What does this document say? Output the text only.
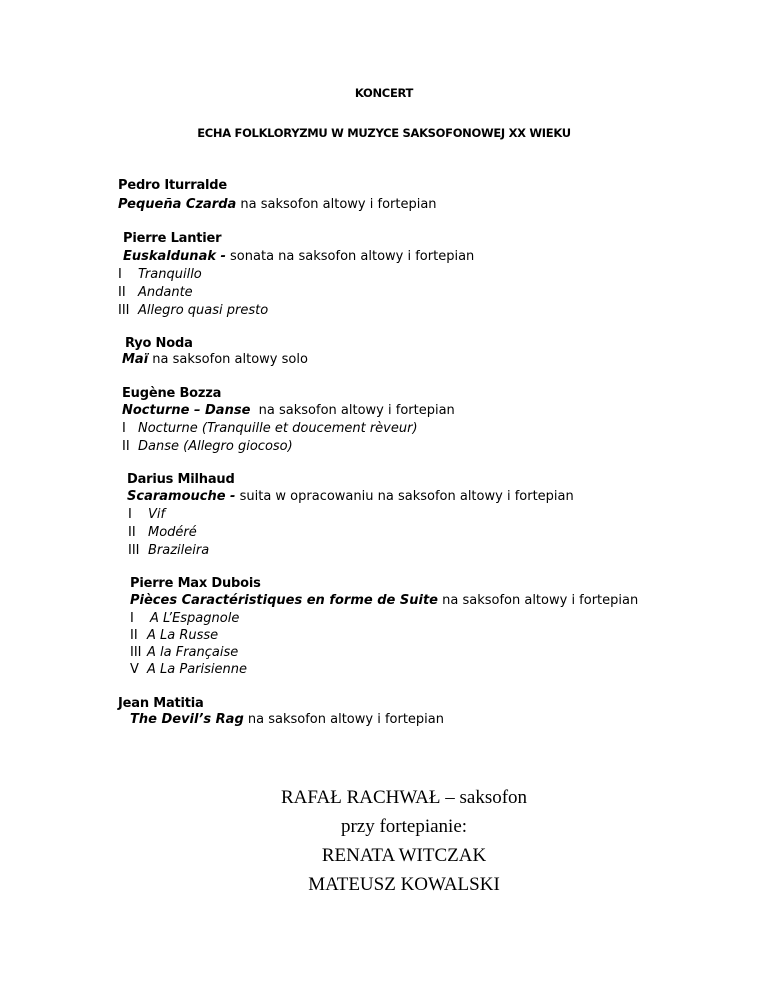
KONCERT
ECHA FOLKLORYZMU W MUZYCE SAKSOFONOWEJ XX WIEKU
Pedro Iturralde
Pequeña Czarda na saksofon altowy i fortepian
Pierre Lantier
Euskaldunak - sonata na saksofon altowy i fortepian
I Tranquillo
II Andante
III Allegro quasi presto
Ryo Noda
Maï na saksofon altowy solo
Eugène Bozza
Nocturne – Danse  na saksofon altowy i fortepian
I Nocturne (Tranquille et doucement rèveur)
II Danse (Allegro giocoso)
Darius Milhaud
Scaramouche - suita w opracowaniu na saksofon altowy i fortepian
I Vif
II Modéré
III Brazileira
Pierre Max Dubois
Pièces Caractéristiques en forme de Suite na saksofon altowy i fortepian
I A L’Espagnole
II A La Russe
III A la Française
V A La Parisienne
Jean Matitia
The Devil’s Rag na saksofon altowy i fortepian
RAFAŁ RACHWAŁ – saksofon
przy fortepianie:
RENATA WITCZAK
MATEUSZ KOWALSKI
